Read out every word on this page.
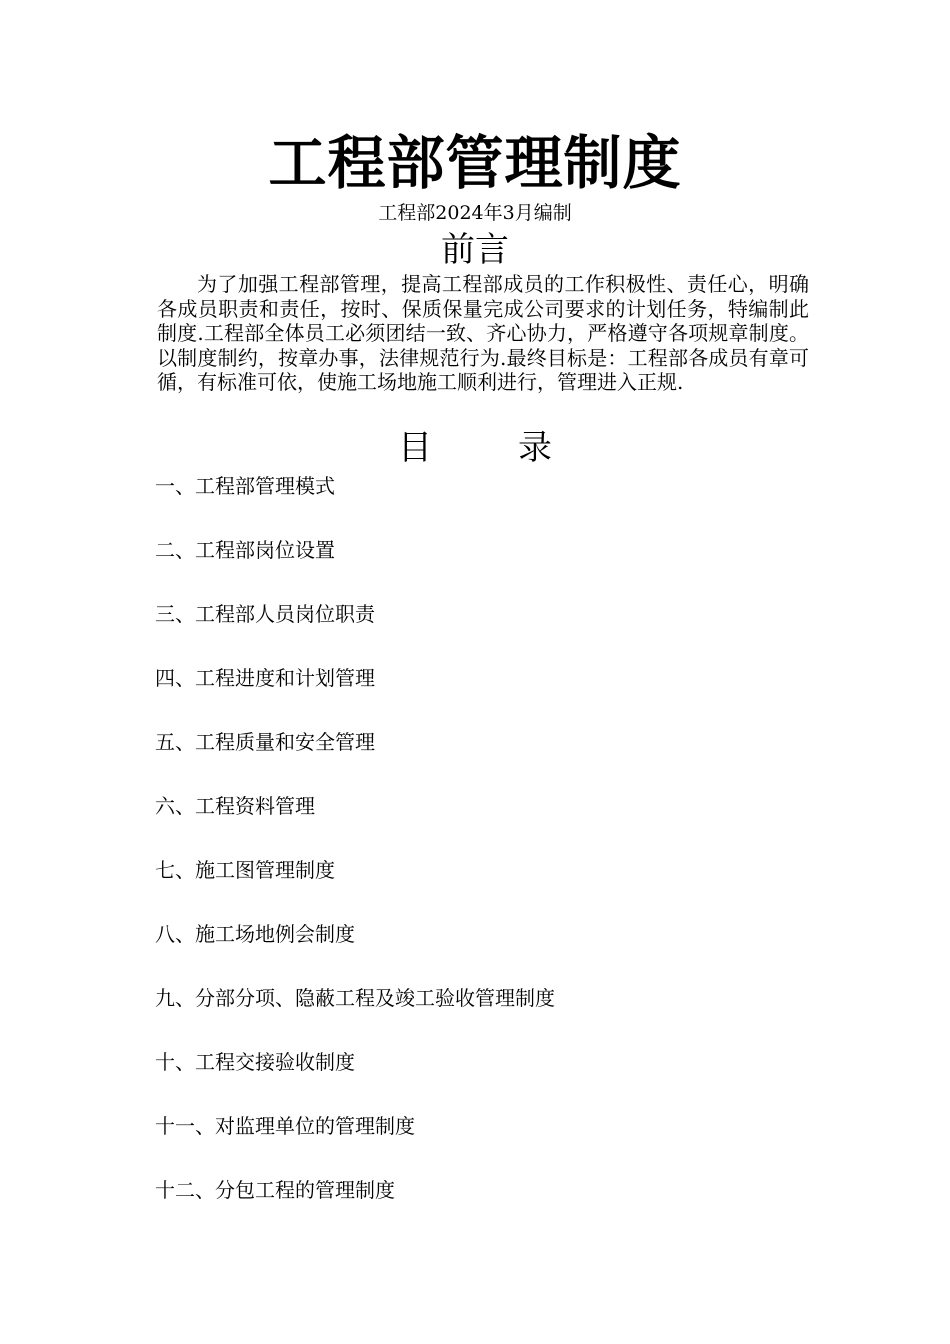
工程部管理制度
工程部2024年3月编制
前言
为了加强工程部管理，提高工程部成员的工作积极性、责任心，明确各成员职责和责任，按时、保质保量完成公司要求的计划任务，特编制此制度.工程部全体员工必须团结一致、齐心协力，严格遵守各项规章制度。以制度制约，按章办事，法律规范行为.最终目标是：工程部各成员有章可循，有标准可依，使施工场地施工顺利进行，管理进入正规.
目	录
一、工程部管理模式
二、工程部岗位设置
三、工程部人员岗位职责
四、工程进度和计划管理
五、工程质量和安全管理
六、工程资料管理
七、施工图管理制度
八、施工场地例会制度
九、分部分项、隐蔽工程及竣工验收管理制度
十、工程交接验收制度
十一、对监理单位的管理制度
十二、分包工程的管理制度
